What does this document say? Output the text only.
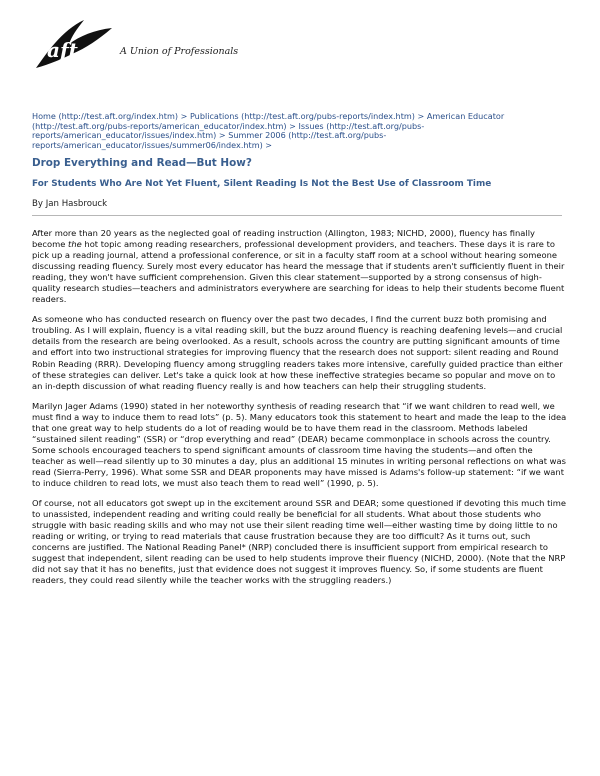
aft	A Union of Professionals
Home (http://test.aft.org/index.htm) > Publications (http://test.aft.org/pubs-reports/index.htm) > American Educator (http://test.aft.org/pubs-reports/american_educator/index.htm) > Issues (http://test.aft.org/pubs-reports/american_educator/issues/index.htm) > Summer 2006 (http://test.aft.org/pubs-reports/american_educator/issues/summer06/index.htm) >
Drop Everything and Read—But How?
For Students Who Are Not Yet Fluent, Silent Reading Is Not the Best Use of Classroom Time
By Jan Hasbrouck

After more than 20 years as the neglected goal of reading instruction (Allington, 1983; NICHD, 2000), fluency has finally become the hot topic among reading researchers, professional development providers, and teachers. These days it is rare to pick up a reading journal, attend a professional conference, or sit in a faculty staff room at a school without hearing someone discussing reading fluency. Surely most every educator has heard the message that if students aren't sufficiently fluent in their reading, they won't have sufficient comprehension. Given this clear statement—supported by a strong consensus of high-quality research studies—teachers and administrators everywhere are searching for ideas to help their students become fluent readers.

As someone who has conducted research on fluency over the past two decades, I find the current buzz both promising and troubling. As I will explain, fluency is a vital reading skill, but the buzz around fluency is reaching deafening levels—and crucial details from the research are being overlooked. As a result, schools across the country are putting significant amounts of time and effort into two instructional strategies for improving fluency that the research does not support: silent reading and Round Robin Reading (RRR). Developing fluency among struggling readers takes more intensive, carefully guided practice than either of these strategies can deliver. Let's take a quick look at how these ineffective strategies became so popular and move on to an in-depth discussion of what reading fluency really is and how teachers can help their struggling students.

Marilyn Jager Adams (1990) stated in her noteworthy synthesis of reading research that “if we want children to read well, we must find a way to induce them to read lots” (p. 5). Many educators took this statement to heart and made the leap to the idea that one great way to help students do a lot of reading would be to have them read in the classroom. Methods labeled “sustained silent reading” (SSR) or “drop everything and read” (DEAR) became commonplace in schools across the country. Some schools encouraged teachers to spend significant amounts of classroom time having the students—and often the teacher as well—read silently up to 30 minutes a day, plus an additional 15 minutes in writing personal reflections on what was read (Sierra-Perry, 1996). What some SSR and DEAR proponents may have missed is Adams's follow-up statement: “if we want to induce children to read lots, we must also teach them to read well” (1990, p. 5).

Of course, not all educators got swept up in the excitement around SSR and DEAR; some questioned if devoting this much time to unassisted, independent reading and writing could really be beneficial for all students. What about those students who struggle with basic reading skills and who may not use their silent reading time well—either wasting time by doing little to no reading or writing, or trying to read materials that cause frustration because they are too difficult? As it turns out, such concerns are justified. The National Reading Panel* (NRP) concluded there is insufficient support from empirical research to suggest that independent, silent reading can be used to help students improve their fluency (NICHD, 2000). (Note that the NRP did not say that it has no benefits, just that evidence does not suggest it improves fluency. So, if some students are fluent readers, they could read silently while the teacher works with the struggling readers.)
